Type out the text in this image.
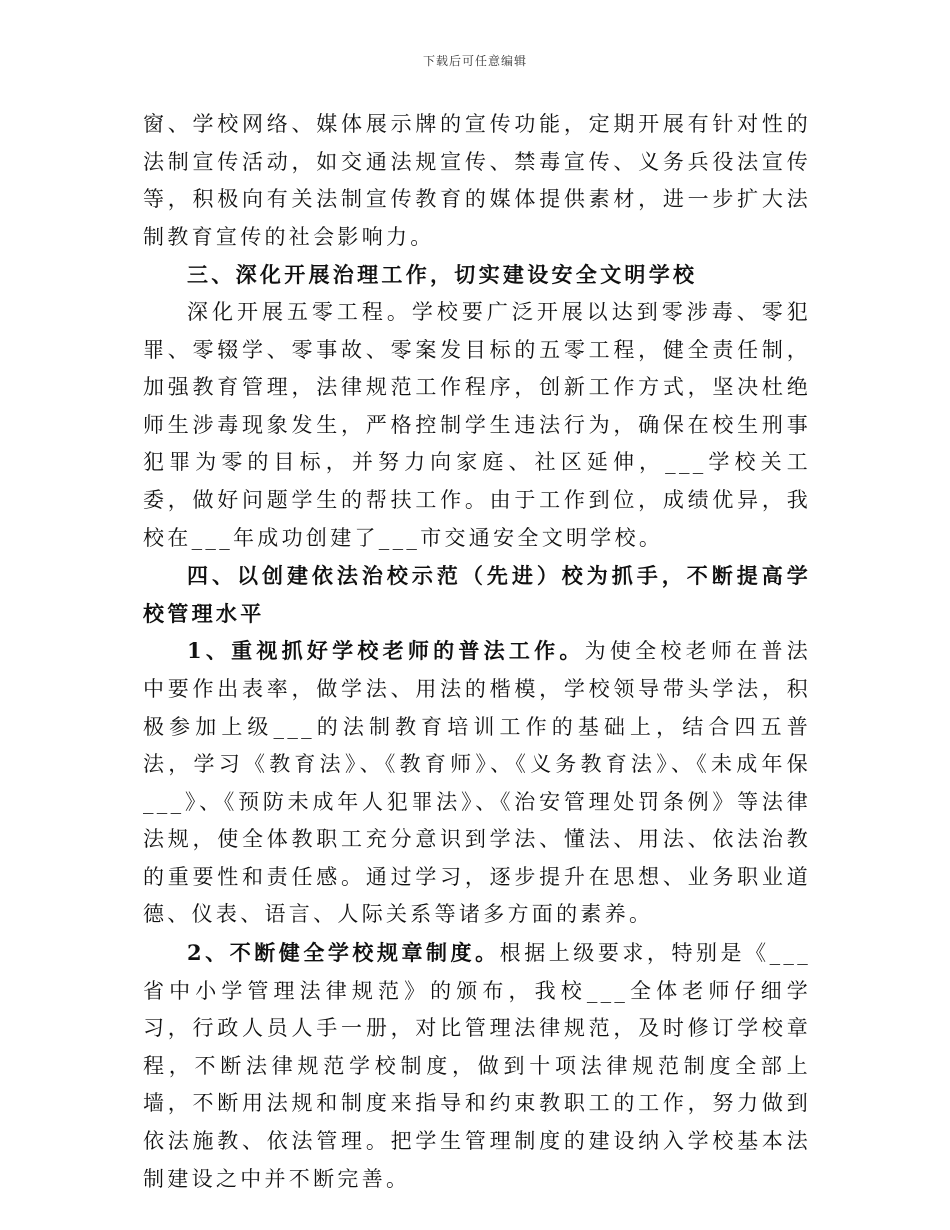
下载后可任意编辑

窗、学校网络、媒体展示牌的宣传功能，定期开展有针对性的法制宣传活动，如交通法规宣传、禁毒宣传、义务兵役法宣传等，积极向有关法制宣传教育的媒体提供素材，进一步扩大法制教育宣传的社会影响力。

三、深化开展治理工作，切实建设安全文明学校

深化开展五零工程。学校要广泛开展以达到零涉毒、零犯罪、零辍学、零事故、零案发目标的五零工程，健全责任制，加强教育管理，法律规范工作程序，创新工作方式，坚决杜绝师生涉毒现象发生，严格控制学生违法行为，确保在校生刑事犯罪为零的目标，并努力向家庭、社区延伸，___学校关工委，做好问题学生的帮扶工作。由于工作到位，成绩优异，我校在___年成功创建了___市交通安全文明学校。

四、以创建依法治校示范（先进）校为抓手，不断提高学校管理水平

1、重视抓好学校老师的普法工作。为使全校老师在普法中要作出表率，做学法、用法的楷模，学校领导带头学法，积极参加上级___的法制教育培训工作的基础上，结合四五普法，学习《教育法》、《教育师》、《义务教育法》、《未成年保___》、《预防未成年人犯罪法》、《治安管理处罚条例》等法律法规，使全体教职工充分意识到学法、懂法、用法、依法治教的重要性和责任感。通过学习，逐步提升在思想、业务职业道德、仪表、语言、人际关系等诸多方面的素养。

2、不断健全学校规章制度。根据上级要求，特别是《___省中小学管理法律规范》的颁布，我校___全体老师仔细学习，行政人员人手一册，对比管理法律规范，及时修订学校章程，不断法律规范学校制度，做到十项法律规范制度全部上墙，不断用法规和制度来指导和约束教职工的工作，努力做到依法施教、依法管理。把学生管理制度的建设纳入学校基本法制建设之中并不断完善。
